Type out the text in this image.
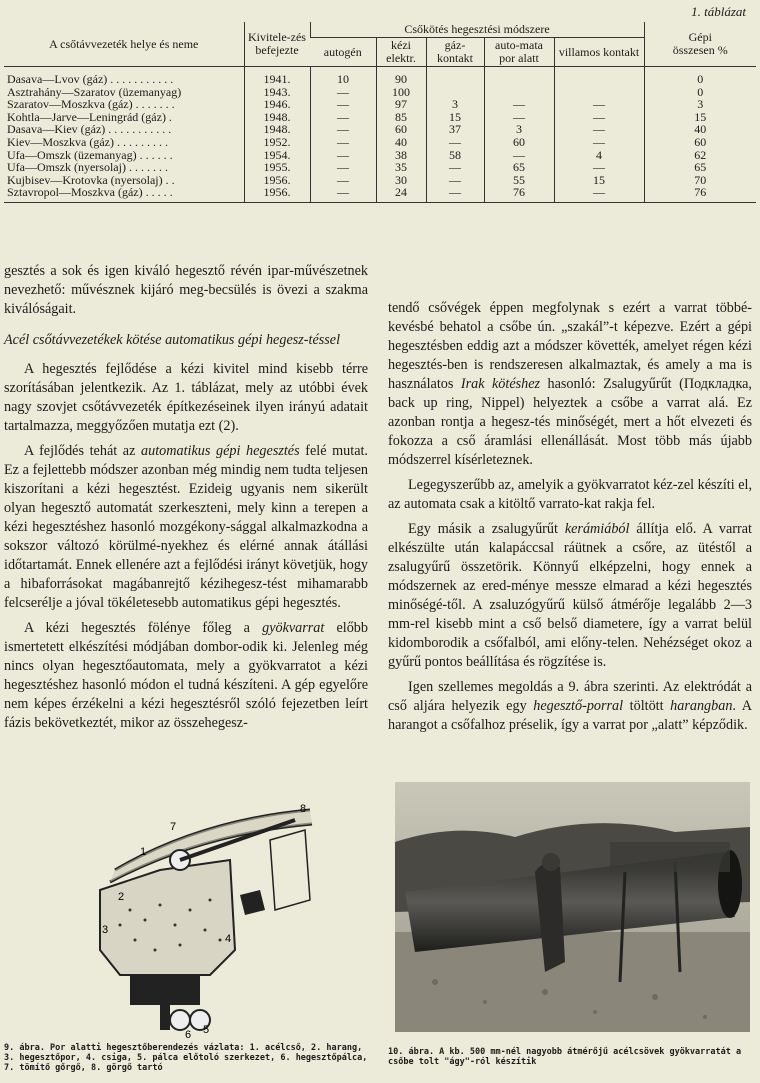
1. táblázat
A csőtávvezeték helye és neme	Kivitele-zés befejezte	Csőkötés hegesztési módszere					Gépi összesen %
		autogén	kézi elektr.	gáz-kontakt	auto-mata por alatt	villamos kontakt	
Dasava—Lvov (gáz) . . . . . . . . . . .	1941.	10	90				0
Asztrahány—Szaratov (üzemanyag)	1943.	—	100				0
Szaratov—Moszkva (gáz) . . . . . . .	1946.	—	97	3	—	—	3
Kohtla—Jarve—Leningrád (gáz) .	1948.	—	85	15	—	—	15
Dasava—Kiev (gáz) . . . . . . . . . . .	1948.	—	60	37	3	—	40
Kiev—Moszkva (gáz) . . . . . . . . .	1952.	—	40	—	60	—	60
Ufa—Omszk (üzemanyag) . . . . . .	1954.	—	38	58	—	4	62
Ufa—Omszk (nyersolaj) . . . . . . .	1955.	—	35	—	65	—	65
Kujbisev—Krotovka (nyersolaj) . .	1956.	—	30	—	55	15	70
Sztavropol—Moszkva (gáz) . . . . .	1956.	—	24	—	76	—	76

gesztés a sok és igen kiváló hegesztő révén ipar-művészetnek nevezhető: művésznek kijáró meg-becsülés is övezi a szakma kiválóságait.

Acél csőtávvezetékek kötése automatikus gépi hegesz-téssel

A hegesztés fejlődése a kézi kivitel mind kisebb térre szorításában jelentkezik. Az 1. táblázat, mely az utóbbi évek nagy szovjet csőtávvezeték építkezéseinek ilyen irányú adatait tartalmazza, meggyőzően mutatja ezt (2).

A fejlődés tehát az automatikus gépi hegesztés felé mutat. Ez a fejlettebb módszer azonban még mindig nem tudta teljesen kiszorítani a kézi hegesztést. Ezideig ugyanis nem sikerült olyan hegesztő automatát szerkeszteni, mely kinn a terepen a kézi hegesztéshez hasonló mozgékony-sággal alkalmazkodna a sokszor változó körülmé-nyekhez és elérné annak átállási időtartamát. Ennek ellenére azt a fejlődési irányt követjük, hogy a hibaforrásokat magábanrejtő kézihegesz-tést mihamarabb felcserélje a jóval tökéletesebb automatikus gépi hegesztés.

A kézi hegesztés fölénye főleg a gyökvarrat előbb ismertetett elkészítési módjában dombor-odik ki. Jelenleg még nincs olyan hegesztőautomata, mely a gyökvarratot a kézi hegesztéshez hasonló módon el tudná készíteni. A gép egyelőre nem képes érzékelni a kézi hegesztésről szóló fejezetben leírt fázis bekövetkeztét, mikor az összehegesz-

tendő csővégek éppen megfolynak s ezért a varrat többé-kevésbé behatol a csőbe ún. „szakál”-t képezve. Ezért a gépi hegesztésben eddig azt a módszer követték, amelyet régen kézi hegesztés-ben is rendszeresen alkalmaztak, és amely a ma is használatos Irak kötéshez hasonló: Zsalugyűrűt (Подкладка, back up ring, Nippel) helyeztek a csőbe a varrat alá. Ez azonban rontja a hegesz-tés minőségét, mert a hőt elvezeti és fokozza a cső áramlási ellenállását. Most több más újabb módszerrel kísérleteznek.

Legegyszerűbb az, amelyik a gyökvarratot kéz-zel készíti el, az automata csak a kitöltő varrato-kat rakja fel.

Egy másik a zsalugyűrűt kerámiából állítja elő. A varrat elkészülte után kalapáccsal ráütnek a csőre, az ütéstől a zsalugyűrű összetörik. Könnyű elképzelni, hogy ennek a módszernek az ered-ménye messze elmarad a kézi hegesztés minőségé-től. A zsaluzógyűrű külső átmérője legalább 2—3 mm-rel kisebb mint a cső belső diametere, így a varrat belül kidomborodik a csőfalból, ami előny-telen. Nehézséget okoz a gyűrű pontos beállítása és rögzítése is.

Igen szellemes megoldás a 9. ábra szerinti. Az elektródát a cső aljára helyezik egy hegesztő-porral töltött harangban. A harangot a csőfalhoz préselik, így a varrat por „alatt” képződik.

7
1
2
3
4
5
6
8
9. ábra. Por alatti hegesztőberendezés vázlata: 1. acélcső, 2. harang, 3. hegesztőpor, 4. csiga, 5. pálca előtoló szerkezet, 6. hegesztőpálca, 7. tömítő gőrgő, 8. görgő tartó
10. ábra. A kb. 500 mm-nél nagyobb átmérőjű acélcsövek gyökvarratát a csőbe tolt "ágy"-ról készítik
